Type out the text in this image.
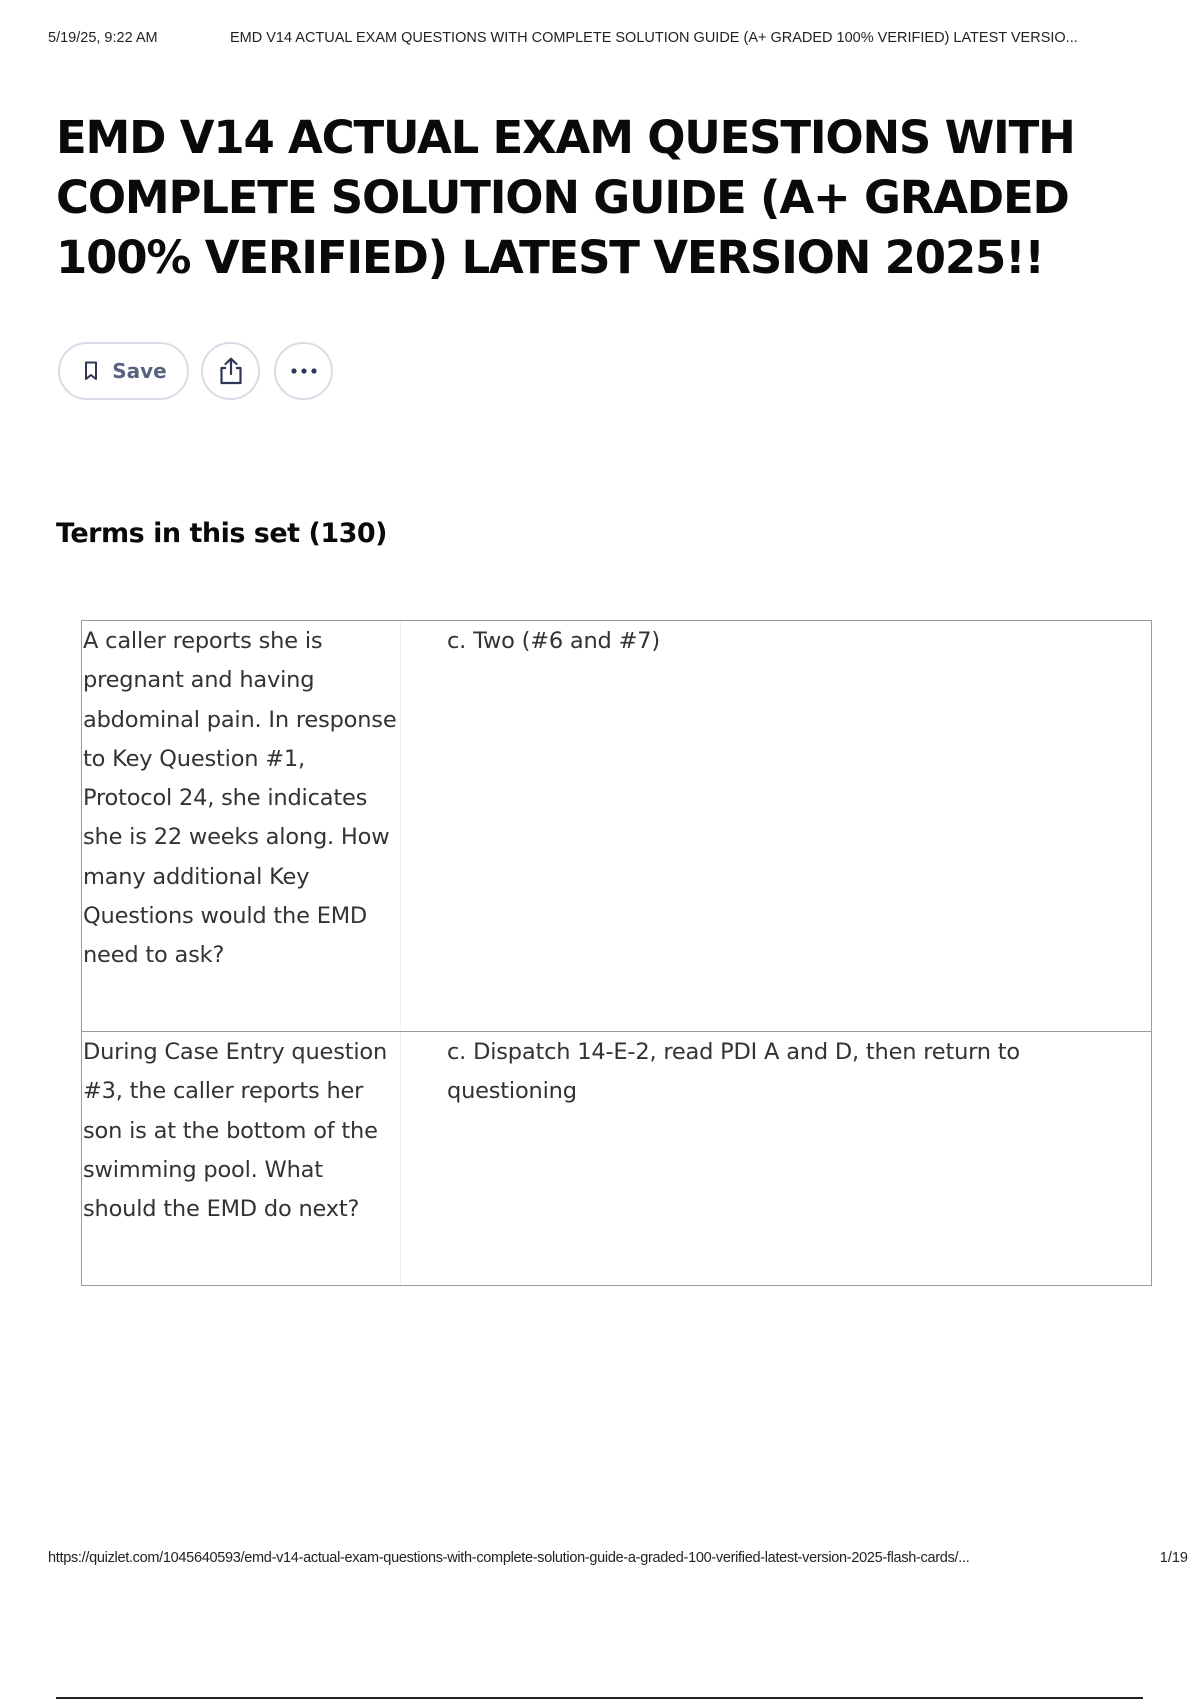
5/19/25, 9:22 AM	EMD V14 ACTUAL EXAM QUESTIONS WITH COMPLETE SOLUTION GUIDE (A+ GRADED 100% VERIFIED) LATEST VERSIO...
EMD V14 ACTUAL EXAM QUESTIONS WITH COMPLETE SOLUTION GUIDE (A+ GRADED 100% VERIFIED) LATEST VERSION 2025!!
Save
Terms in this set (130)
A caller reports she is pregnant and having abdominal pain. In response to Key Question #1, Protocol 24, she indicates she is 22 weeks along. How many additional Key Questions would the EMD need to ask?
c. Two (#6 and #7)
During Case Entry question #3, the caller reports her son is at the bottom of the swimming pool. What should the EMD do next?
c. Dispatch 14-E-2, read PDI A and D, then return to questioning
https://quizlet.com/1045640593/emd-v14-actual-exam-questions-with-complete-solution-guide-a-graded-100-verified-latest-version-2025-flash-cards/...	1/19
